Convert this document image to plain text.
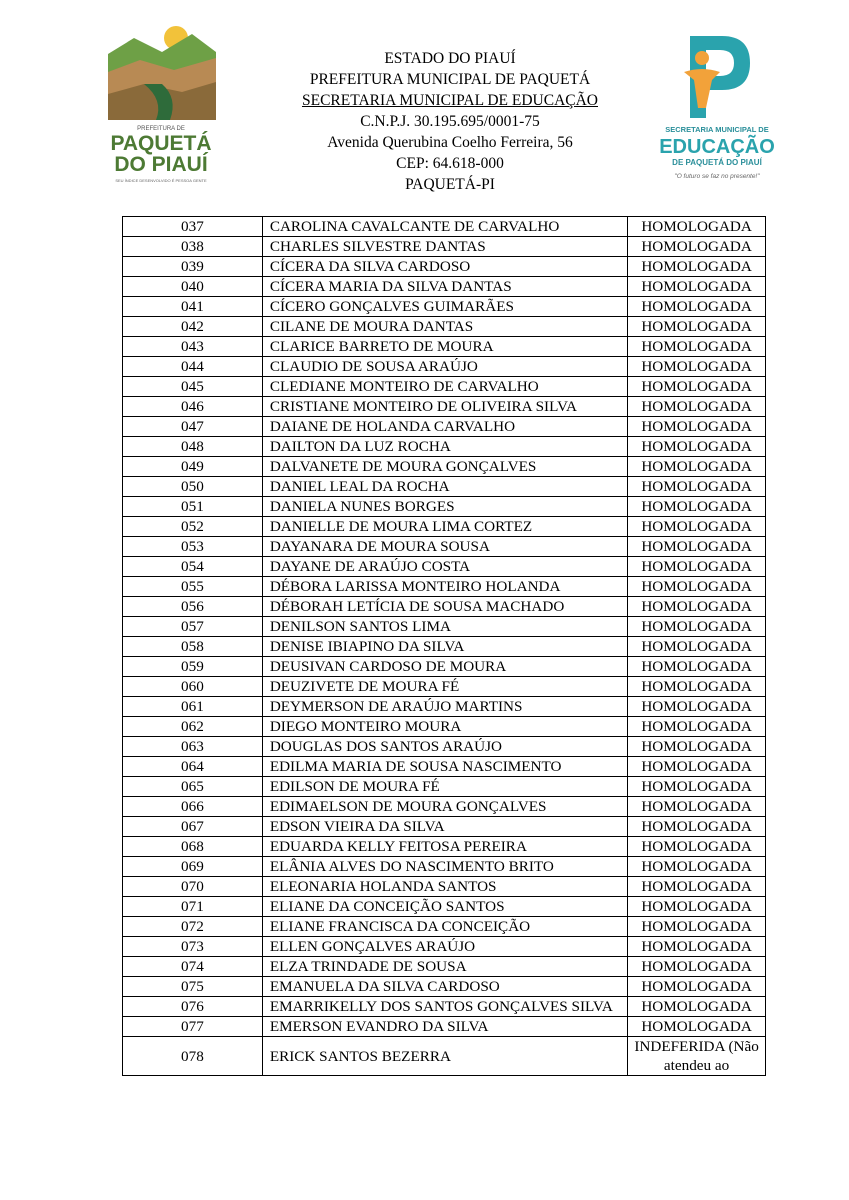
PREFEITURA DE
PAQUETÁ
DO PIAUÍ
SEU ÍNDICE DESENVOLVIDO É PESSOA GENTE
ESTADO DO PIAUÍ
PREFEITURA MUNICIPAL DE PAQUETÁ
SECRETARIA MUNICIPAL DE EDUCAÇÃO
C.N.P.J. 30.195.695/0001-75
Avenida Querubina Coelho Ferreira, 56
CEP: 64.618-000
PAQUETÁ-PI
SECRETARIA MUNICIPAL DE
EDUCAÇÃO
DE PAQUETÁ DO PIAUÍ
"O futuro se faz no presente!"
037	CAROLINA CAVALCANTE DE CARVALHO	HOMOLOGADA
038	CHARLES SILVESTRE DANTAS	HOMOLOGADA
039	CÍCERA DA SILVA CARDOSO	HOMOLOGADA
040	CÍCERA MARIA DA SILVA DANTAS	HOMOLOGADA
041	CÍCERO GONÇALVES GUIMARÃES	HOMOLOGADA
042	CILANE DE MOURA DANTAS	HOMOLOGADA
043	CLARICE BARRETO DE MOURA	HOMOLOGADA
044	CLAUDIO DE SOUSA ARAÚJO	HOMOLOGADA
045	CLEDIANE MONTEIRO DE CARVALHO	HOMOLOGADA
046	CRISTIANE MONTEIRO DE OLIVEIRA SILVA	HOMOLOGADA
047	DAIANE DE HOLANDA CARVALHO	HOMOLOGADA
048	DAILTON DA LUZ ROCHA	HOMOLOGADA
049	DALVANETE DE MOURA GONÇALVES	HOMOLOGADA
050	DANIEL LEAL DA ROCHA	HOMOLOGADA
051	DANIELA NUNES BORGES	HOMOLOGADA
052	DANIELLE DE MOURA LIMA CORTEZ	HOMOLOGADA
053	DAYANARA DE MOURA SOUSA	HOMOLOGADA
054	DAYANE DE ARAÚJO COSTA	HOMOLOGADA
055	DÉBORA LARISSA MONTEIRO HOLANDA	HOMOLOGADA
056	DÉBORAH LETÍCIA DE SOUSA MACHADO	HOMOLOGADA
057	DENILSON SANTOS LIMA	HOMOLOGADA
058	DENISE IBIAPINO DA SILVA	HOMOLOGADA
059	DEUSIVAN CARDOSO DE MOURA	HOMOLOGADA
060	DEUZIVETE DE MOURA FÉ	HOMOLOGADA
061	DEYMERSON DE ARAÚJO MARTINS	HOMOLOGADA
062	DIEGO MONTEIRO MOURA	HOMOLOGADA
063	DOUGLAS DOS SANTOS ARAÚJO	HOMOLOGADA
064	EDILMA MARIA DE SOUSA NASCIMENTO	HOMOLOGADA
065	EDILSON DE MOURA FÉ	HOMOLOGADA
066	EDIMAELSON DE MOURA GONÇALVES	HOMOLOGADA
067	EDSON VIEIRA DA SILVA	HOMOLOGADA
068	EDUARDA KELLY FEITOSA PEREIRA	HOMOLOGADA
069	ELÂNIA ALVES DO NASCIMENTO BRITO	HOMOLOGADA
070	ELEONARIA HOLANDA SANTOS	HOMOLOGADA
071	ELIANE DA CONCEIÇÃO SANTOS	HOMOLOGADA
072	ELIANE FRANCISCA DA CONCEIÇÃO	HOMOLOGADA
073	ELLEN GONÇALVES ARAÚJO	HOMOLOGADA
074	ELZA TRINDADE DE SOUSA	HOMOLOGADA
075	EMANUELA DA SILVA CARDOSO	HOMOLOGADA
076	EMARRIKELLY DOS SANTOS GONÇALVES SILVA	HOMOLOGADA
077	EMERSON EVANDRO DA SILVA	HOMOLOGADA
078	ERICK SANTOS BEZERRA	INDEFERIDA (Não atendeu ao
